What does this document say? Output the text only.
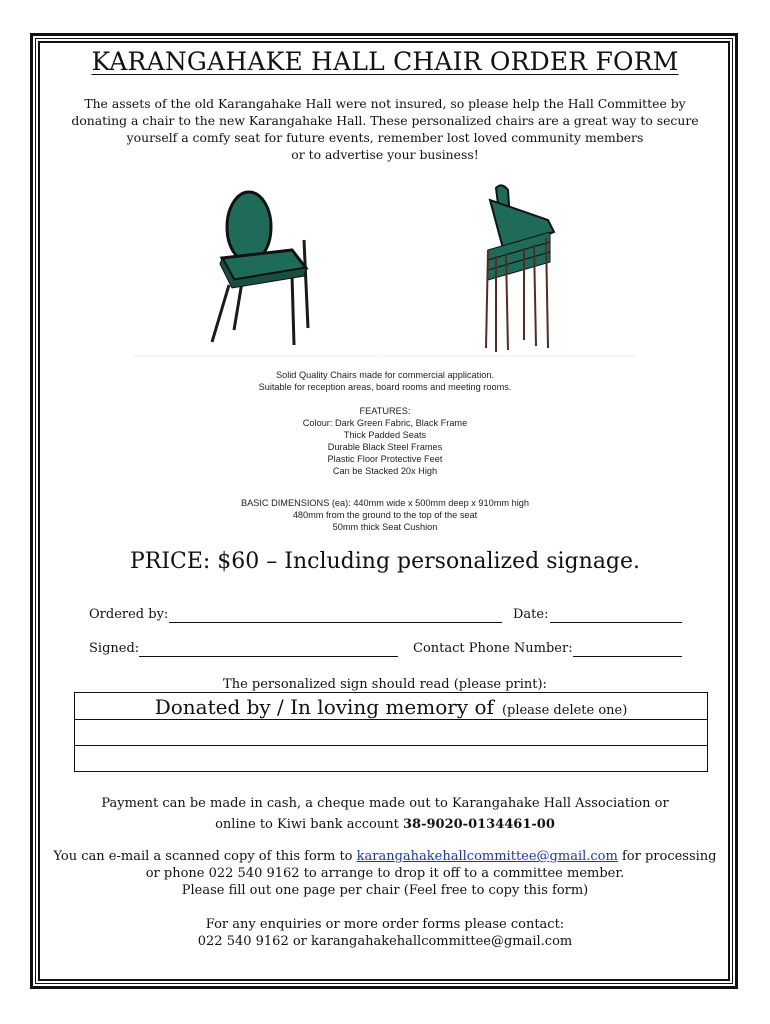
KARANGAHAKE HALL CHAIR ORDER FORM
The assets of the old Karangahake Hall were not insured, so please help the Hall Committee by
donating a chair to the new Karangahake Hall. These personalized chairs are a great way to secure
yourself a comfy seat for future events, remember lost loved community members
or to advertise your business!
Solid Quality Chairs made for commercial application.
Suitable for reception areas, board rooms and meeting rooms.
FEATURES:
Colour: Dark Green Fabric, Black Frame
Thick Padded Seats
Durable Black Steel Frames
Plastic Floor Protective Feet
Can be Stacked 20x High
BASIC DIMENSIONS (ea): 440mm wide x 500mm deep x 910mm high
480mm from the ground to the top of the seat
50mm thick Seat Cushion
PRICE: $60 – Including personalized signage.
Ordered by:	Date:
Signed:	Contact Phone Number:
The personalized sign should read (please print):
Donated by / In loving memory of (please delete one)
Payment can be made in cash, a cheque made out to Karangahake Hall Association or
online to Kiwi bank account 38-9020-0134461-00
You can e-mail a scanned copy of this form to karangahakehallcommittee@gmail.com for processing
or phone 022 540 9162 to arrange to drop it off to a committee member.
Please fill out one page per chair (Feel free to copy this form)
For any enquiries or more order forms please contact:
022 540 9162 or karangahakehallcommittee@gmail.com
